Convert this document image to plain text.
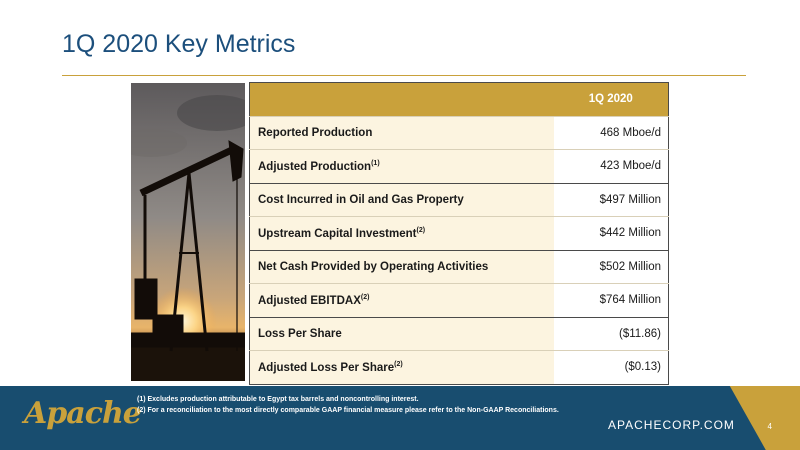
1Q 2020 Key Metrics
	1Q 2020
Reported Production	468 Mboe/d
Adjusted Production$^{(1)}$	423 Mboe/d
Cost Incurred in Oil and Gas Property	$497 Million
Upstream Capital Investment$^{(2)}$	$442 Million
Net Cash Provided by Operating Activities	$502 Million
Adjusted EBITDAX$^{(2)}$	$764 Million
Loss Per Share	($11.86)
Adjusted Loss Per Share$^{(2)}$	($0.13)
Apache
(1) Excludes production attributable to Egypt tax barrels and noncontrolling interest.
(2) For a reconciliation to the most directly comparable GAAP financial measure please refer to the Non-GAAP Reconciliations.
APACHECORP.COM	4
